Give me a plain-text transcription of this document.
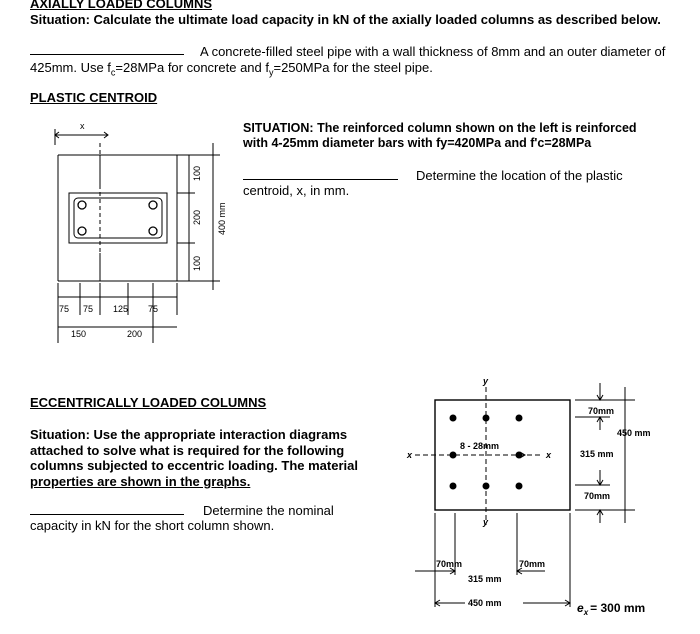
AXIALLY LOADED COLUMNS
Situation: Calculate the ultimate load capacity in kN of the axially loaded columns as described below.
A concrete-filled steel pipe with a wall thickness of 8mm and an outer diameter of
425mm. Use $f_c=28MPa$ for concrete and $f_y=250MPa$ for the steel pipe.
PLASTIC CENTROID
SITUATION: The reinforced column shown on the left is reinforced
with 4-25mm diameter bars with fy=420MPa and f'c=28MPa
Determine the location of the plastic
centroid, x, in mm.
x
75 75 125 75
150	200
100
200
100
400 mm
ECCENTRICALLY LOADED COLUMNS
Situation: Use the appropriate interaction diagrams
attached to solve what is required for the following
columns subjected to eccentric loading. The material
properties are shown in the graphs.
Determine the nominal
capacity in kN for the short column shown.
y
y
x	x
8 - 28mm
70mm
450 mm
315 mm
70mm
70mm	70mm
315 mm
450 mm	$e_x = 300$ mm
